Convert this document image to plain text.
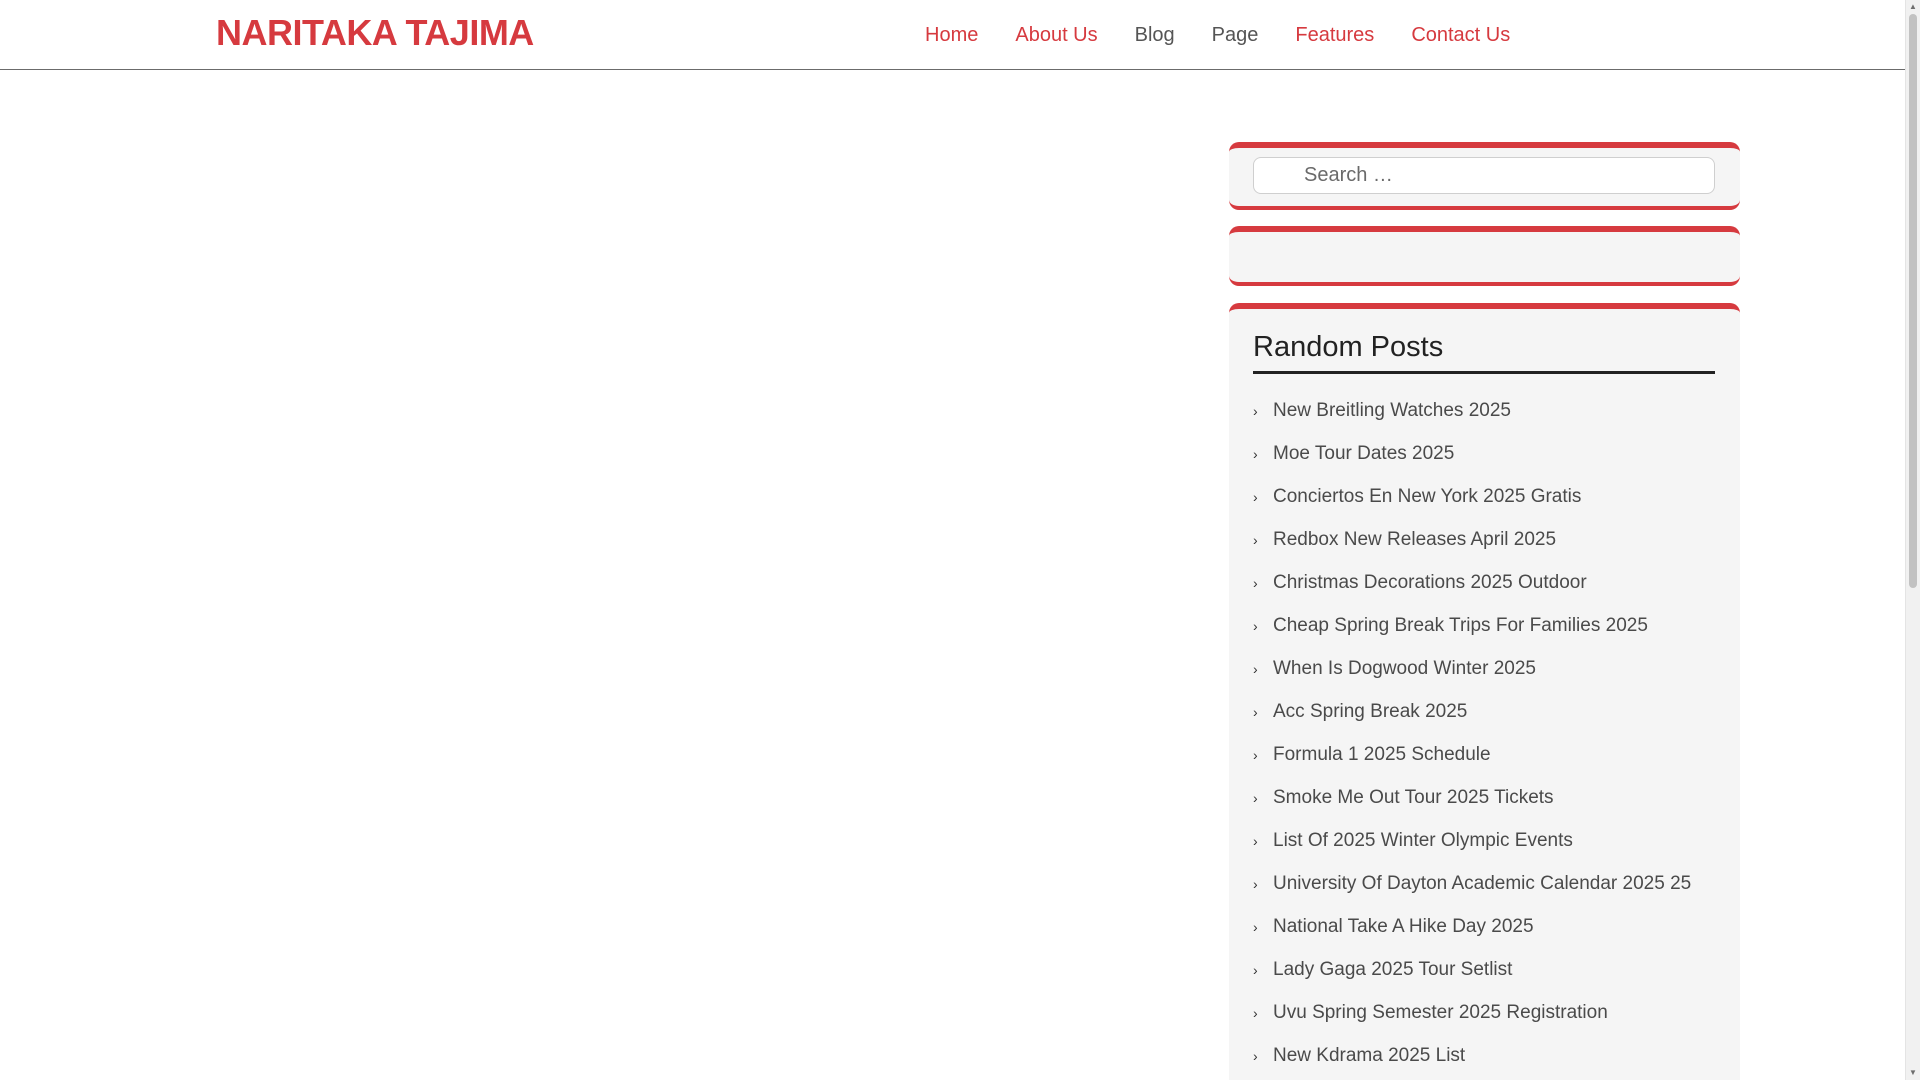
NARITAKA TAJIMA	Home About Us Blog Page Features Contact Us
Search …
Random Posts
› New Breitling Watches 2025
› Moe Tour Dates 2025
› Conciertos En New York 2025 Gratis
› Redbox New Releases April 2025
› Christmas Decorations 2025 Outdoor
› Cheap Spring Break Trips For Families 2025
› When Is Dogwood Winter 2025
› Acc Spring Break 2025
› Formula 1 2025 Schedule
› Smoke Me Out Tour 2025 Tickets
› List Of 2025 Winter Olympic Events
› University Of Dayton Academic Calendar 2025 25
› National Take A Hike Day 2025
› Lady Gaga 2025 Tour Setlist
› Uvu Spring Semester 2025 Registration
› New Kdrama 2025 List
▲
▼
